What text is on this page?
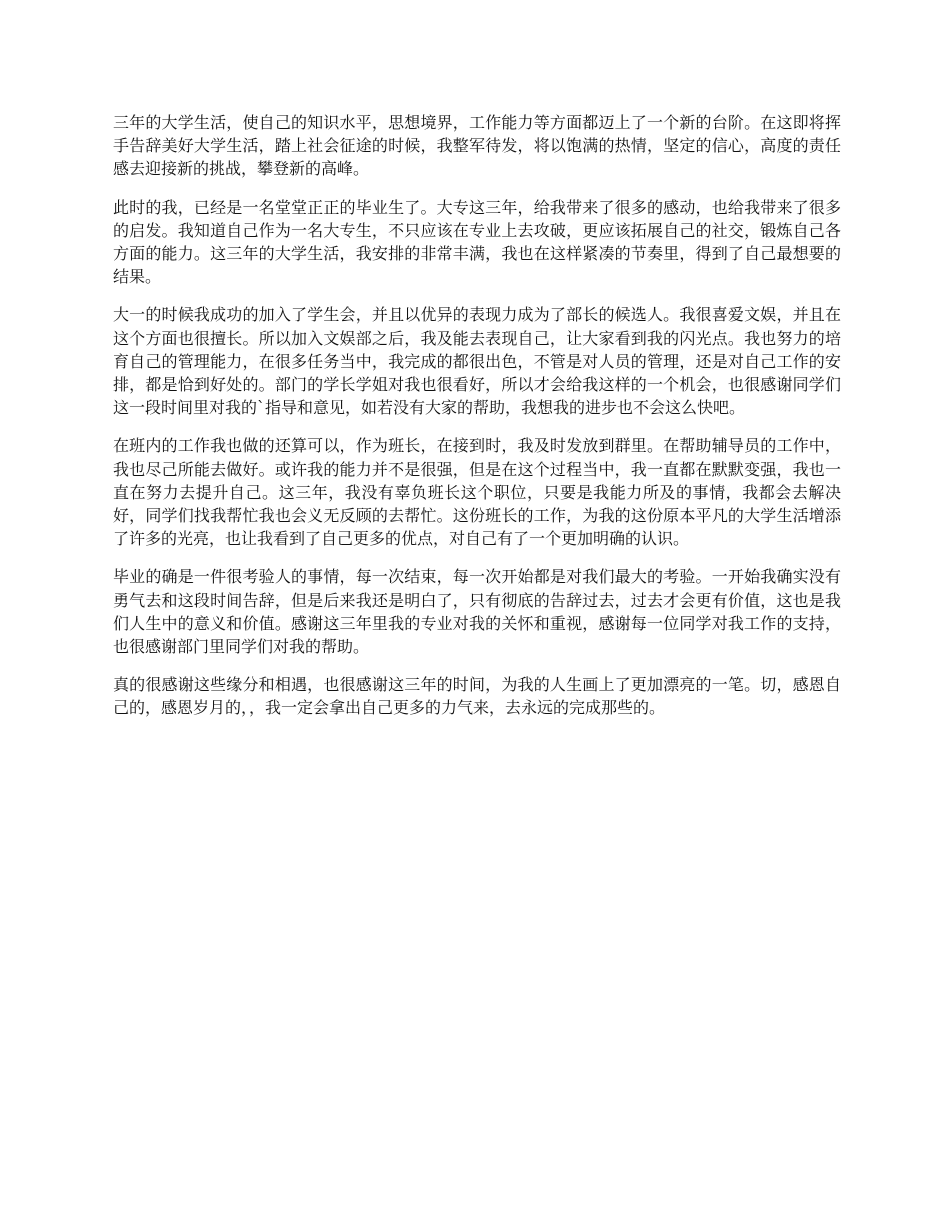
三年的大学生活，使自己的知识水平，思想境界，工作能力等方面都迈上了一个新的台阶。在这即将挥手告辞美好大学生活，踏上社会征途的时候，我整军待发，将以饱满的热情，坚定的信心，高度的责任感去迎接新的挑战，攀登新的高峰。

此时的我，已经是一名堂堂正正的毕业生了。大专这三年，给我带来了很多的感动，也给我带来了很多的启发。我知道自己作为一名大专生，不只应该在专业上去攻破，更应该拓展自己的社交，锻炼自己各方面的能力。这三年的大学生活，我安排的非常丰满，我也在这样紧凑的节奏里，得到了自己最想要的结果。

大一的时候我成功的加入了学生会，并且以优异的表现力成为了部长的候选人。我很喜爱文娱，并且在这个方面也很擅长。所以加入文娱部之后，我及能去表现自己，让大家看到我的闪光点。我也努力的培育自己的管理能力，在很多任务当中，我完成的都很出色，不管是对人员的管理，还是对自己工作的安排，都是恰到好处的。部门的学长学姐对我也很看好，所以才会给我这样的一个机会，也很感谢同学们这一段时间里对我的`指导和意见，如若没有大家的帮助，我想我的进步也不会这么快吧。

在班内的工作我也做的还算可以，作为班长，在接到时，我及时发放到群里。在帮助辅导员的工作中，我也尽己所能去做好。或许我的能力并不是很强，但是在这个过程当中，我一直都在默默变强，我也一直在努力去提升自己。这三年，我没有辜负班长这个职位，只要是我能力所及的事情，我都会去解决好，同学们找我帮忙我也会义无反顾的去帮忙。这份班长的工作，为我的这份原本平凡的大学生活增添了许多的光亮，也让我看到了自己更多的优点，对自己有了一个更加明确的认识。

毕业的确是一件很考验人的事情，每一次结束，每一次开始都是对我们最大的考验。一开始我确实没有勇气去和这段时间告辞，但是后来我还是明白了，只有彻底的告辞过去，过去才会更有价值，这也是我们人生中的意义和价值。感谢这三年里我的专业对我的关怀和重视，感谢每一位同学对我工作的支持，也很感谢部门里同学们对我的帮助。

真的很感谢这些缘分和相遇，也很感谢这三年的时间，为我的人生画上了更加漂亮的一笔。切，感恩自己的，感恩岁月的，，我一定会拿出自己更多的力气来，去永远的完成那些的。
